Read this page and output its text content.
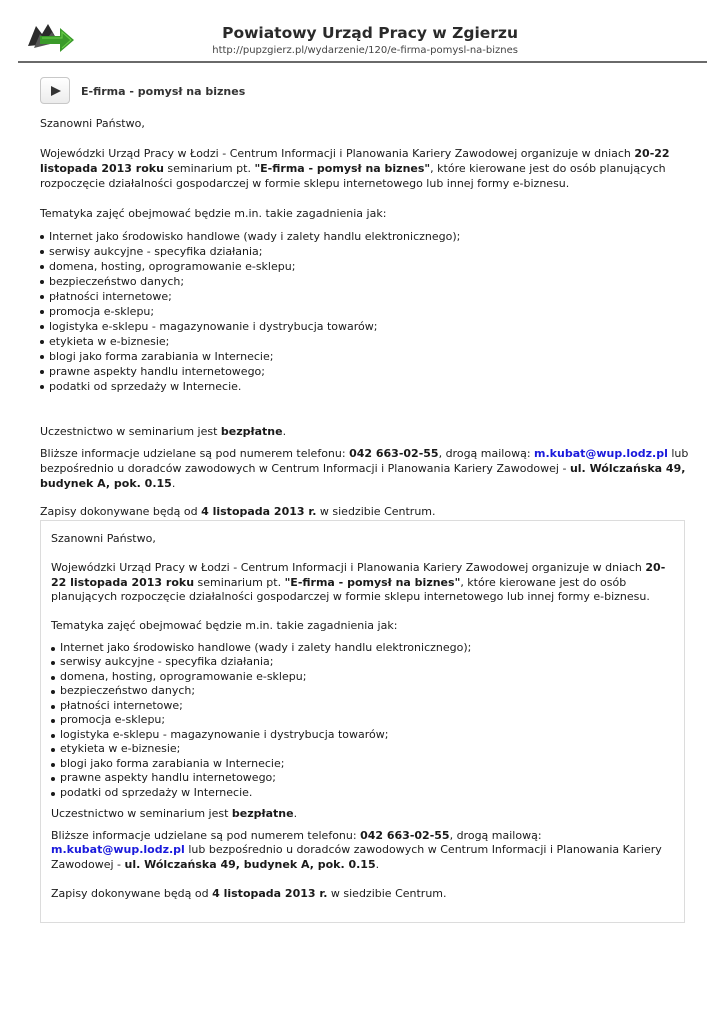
Powiatowy Urząd Pracy w Zgierzu
http://pupzgierz.pl/wydarzenie/120/e-firma-pomysl-na-biznes
E-firma - pomysł na biznes

Szanowni Państwo,

Wojewódzki Urząd Pracy w Łodzi - Centrum Informacji i Planowania Kariery Zawodowej organizuje w dniach 20-22 listopada 2013 roku seminarium pt. "E-firma - pomysł na biznes", które kierowane jest do osób planujących rozpoczęcie działalności gospodarczej w formie sklepu internetowego lub innej formy e-biznesu.

Tematyka zajęć obejmować będzie m.in. takie zagadnienia jak:

Internet jako środowisko handlowe (wady i zalety handlu elektronicznego);
serwisy aukcyjne - specyfika działania;
domena, hosting, oprogramowanie e-sklepu;
bezpieczeństwo danych;
płatności internetowe;
promocja e-sklepu;
logistyka e-sklepu - magazynowanie i dystrybucja towarów;
etykieta w e-biznesie;
blogi jako forma zarabiania w Internecie;
prawne aspekty handlu internetowego;
podatki od sprzedaży w Internecie.

Uczestnictwo w seminarium jest bezpłatne.

Bliższe informacje udzielane są pod numerem telefonu: 042 663-02-55, drogą mailową: m.kubat@wup.lodz.pl lub bezpośrednio u doradców zawodowych w Centrum Informacji i Planowania Kariery Zawodowej - ul. Wólczańska 49, budynek A, pok. 0.15.

Zapisy dokonywane będą od 4 listopada 2013 r. w siedzibie Centrum.

Szanowni Państwo,

Wojewódzki Urząd Pracy w Łodzi - Centrum Informacji i Planowania Kariery Zawodowej organizuje w dniach 20-22 listopada 2013 roku seminarium pt. "E-firma - pomysł na biznes", które kierowane jest do osób planujących rozpoczęcie działalności gospodarczej w formie sklepu internetowego lub innej formy e-biznesu.

Tematyka zajęć obejmować będzie m.in. takie zagadnienia jak:

Internet jako środowisko handlowe (wady i zalety handlu elektronicznego);
serwisy aukcyjne - specyfika działania;
domena, hosting, oprogramowanie e-sklepu;
bezpieczeństwo danych;
płatności internetowe;
promocja e-sklepu;
logistyka e-sklepu - magazynowanie i dystrybucja towarów;
etykieta w e-biznesie;
blogi jako forma zarabiania w Internecie;
prawne aspekty handlu internetowego;
podatki od sprzedaży w Internecie.

Uczestnictwo w seminarium jest bezpłatne.

Bliższe informacje udzielane są pod numerem telefonu: 042 663-02-55, drogą mailową: m.kubat@wup.lodz.pl lub bezpośrednio u doradców zawodowych w Centrum Informacji i Planowania Kariery Zawodowej - ul. Wólczańska 49, budynek A, pok. 0.15.

Zapisy dokonywane będą od 4 listopada 2013 r. w siedzibie Centrum.
